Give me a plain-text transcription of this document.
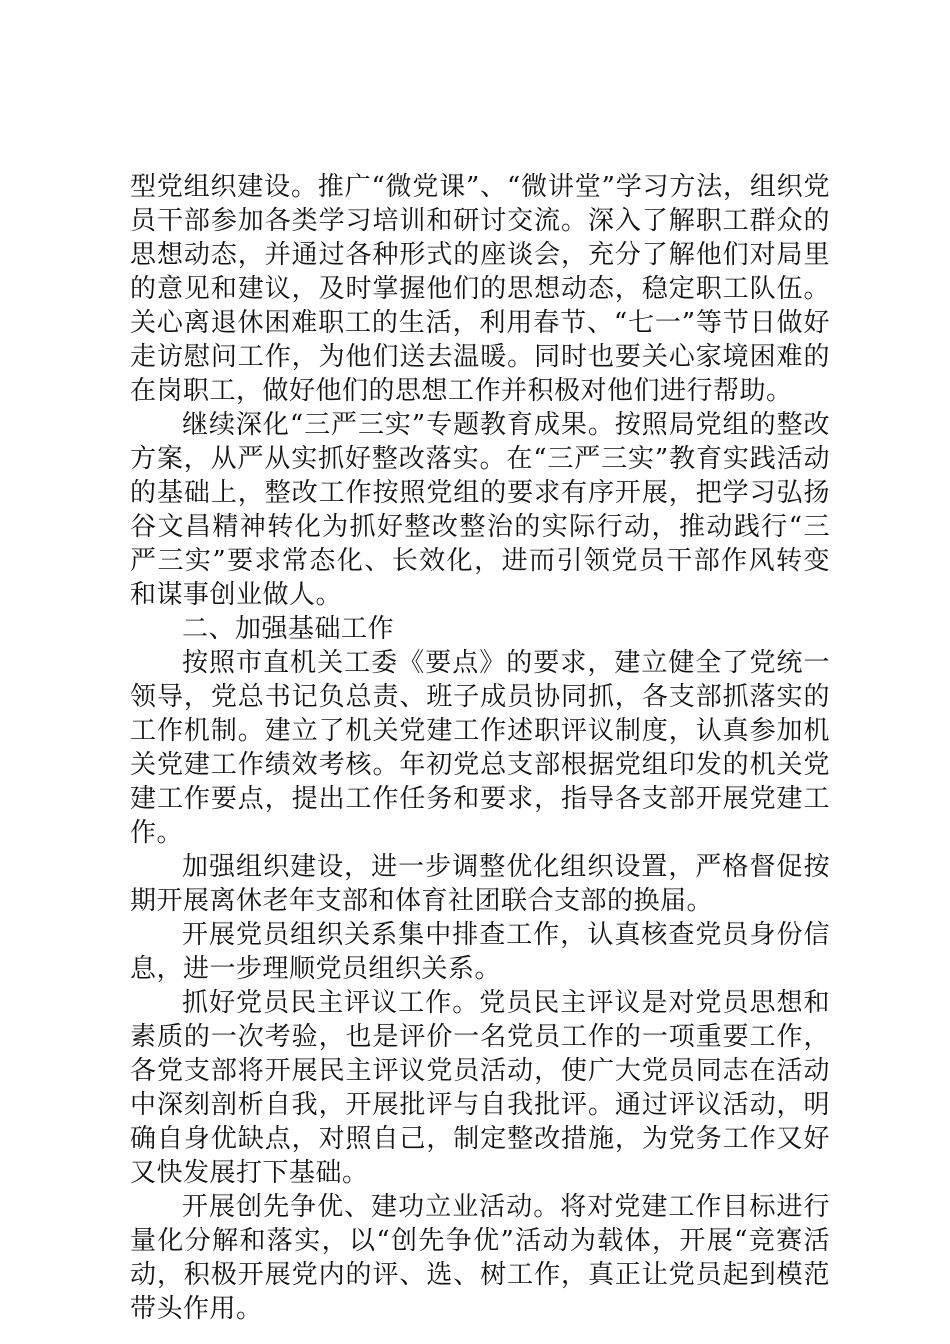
型党组织建设。推广“微党课”、“微讲堂”学习方法，组织党员干部参加各类学习培训和研讨交流。深入了解职工群众的思想动态，并通过各种形式的座谈会，充分了解他们对局里的意见和建议，及时掌握他们的思想动态，稳定职工队伍。关心离退休困难职工的生活，利用春节、“七一”等节日做好走访慰问工作，为他们送去温暖。同时也要关心家境困难的在岗职工，做好他们的思想工作并积极对他们进行帮助。

继续深化“三严三实”专题教育成果。按照局党组的整改方案，从严从实抓好整改落实。在“三严三实”教育实践活动的基础上，整改工作按照党组的要求有序开展，把学习弘扬谷文昌精神转化为抓好整改整治的实际行动，推动践行“三严三实”要求常态化、长效化，进而引领党员干部作风转变和谋事创业做人。

二、加强基础工作

按照市直机关工委《要点》的要求，建立健全了党统一领导，党总书记负总责、班子成员协同抓，各支部抓落实的工作机制。建立了机关党建工作述职评议制度，认真参加机关党建工作绩效考核。年初党总支部根据党组印发的机关党建工作要点，提出工作任务和要求，指导各支部开展党建工作。

加强组织建设，进一步调整优化组织设置，严格督促按期开展离休老年支部和体育社团联合支部的换届。

开展党员组织关系集中排查工作，认真核查党员身份信息，进一步理顺党员组织关系。

抓好党员民主评议工作。党员民主评议是对党员思想和素质的一次考验，也是评价一名党员工作的一项重要工作，各党支部将开展民主评议党员活动，使广大党员同志在活动中深刻剖析自我，开展批评与自我批评。通过评议活动，明确自身优缺点，对照自己，制定整改措施，为党务工作又好又快发展打下基础。

开展创先争优、建功立业活动。将对党建工作目标进行量化分解和落实，以“创先争优”活动为载体，开展“竞赛活动，积极开展党内的评、选、树工作，真正让党员起到模范带头作用。
